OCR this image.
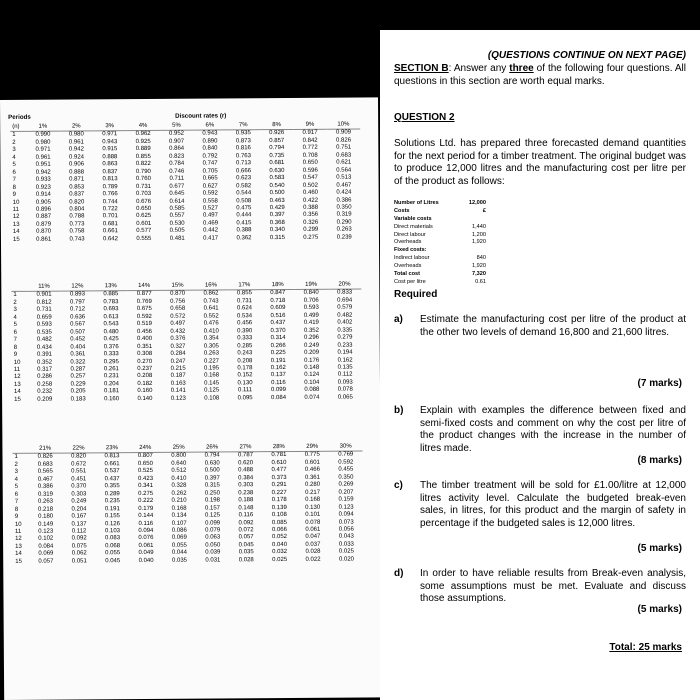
Periods	Discount rates (r)
(n)	1%	2%	3%	4%	5%	6%	7%	8%	9%	10%
1	0.990	0.980	0.971	0.962	0.952	0.943	0.935	0.926	0.917	0.909
2	0.980	0.961	0.943	0.925	0.907	0.890	0.873	0.857	0.842	0.826
3	0.971	0.942	0.915	0.889	0.864	0.840	0.816	0.794	0.772	0.751
4	0.961	0.924	0.888	0.855	0.823	0.792	0.763	0.735	0.708	0.683
5	0.951	0.906	0.863	0.822	0.784	0.747	0.713	0.681	0.650	0.621
6	0.942	0.888	0.837	0.790	0.746	0.705	0.666	0.630	0.596	0.564
7	0.933	0.871	0.813	0.760	0.711	0.665	0.623	0.583	0.547	0.513
8	0.923	0.853	0.789	0.731	0.677	0.627	0.582	0.540	0.502	0.467
9	0.914	0.837	0.766	0.703	0.645	0.592	0.544	0.500	0.460	0.424
10	0.905	0.820	0.744	0.676	0.614	0.558	0.508	0.463	0.422	0.386
11	0.896	0.804	0.722	0.650	0.585	0.527	0.475	0.429	0.388	0.350
12	0.887	0.788	0.701	0.625	0.557	0.497	0.444	0.397	0.356	0.319
13	0.879	0.773	0.681	0.601	0.530	0.469	0.415	0.368	0.326	0.290
14	0.870	0.758	0.661	0.577	0.505	0.442	0.388	0.340	0.299	0.263
15	0.861	0.743	0.642	0.555	0.481	0.417	0.362	0.315	0.275	0.239
	11%	12%	13%	14%	15%	16%	17%	18%	19%	20%
1	0.901	0.893	0.885	0.877	0.870	0.862	0.855	0.847	0.840	0.833
2	0.812	0.797	0.783	0.769	0.756	0.743	0.731	0.718	0.706	0.694
3	0.731	0.712	0.693	0.675	0.658	0.641	0.624	0.609	0.593	0.579
4	0.659	0.636	0.613	0.592	0.572	0.552	0.534	0.516	0.499	0.482
5	0.593	0.567	0.543	0.519	0.497	0.476	0.456	0.437	0.419	0.402
6	0.535	0.507	0.480	0.456	0.432	0.410	0.390	0.370	0.352	0.335
7	0.482	0.452	0.425	0.400	0.376	0.354	0.333	0.314	0.296	0.279
8	0.434	0.404	0.376	0.351	0.327	0.305	0.285	0.266	0.249	0.233
9	0.391	0.361	0.333	0.308	0.284	0.263	0.243	0.225	0.209	0.194
10	0.352	0.322	0.295	0.270	0.247	0.227	0.208	0.191	0.176	0.162
11	0.317	0.287	0.261	0.237	0.215	0.195	0.178	0.162	0.148	0.135
12	0.286	0.257	0.231	0.208	0.187	0.168	0.152	0.137	0.124	0.112
13	0.258	0.229	0.204	0.182	0.163	0.145	0.130	0.116	0.104	0.093
14	0.232	0.205	0.181	0.160	0.141	0.125	0.111	0.099	0.088	0.078
15	0.209	0.183	0.160	0.140	0.123	0.108	0.095	0.084	0.074	0.065
	21%	22%	23%	24%	25%	26%	27%	28%	29%	30%
1	0.826	0.820	0.813	0.807	0.800	0.794	0.787	0.781	0.775	0.769
2	0.683	0.672	0.661	0.650	0.640	0.630	0.620	0.610	0.601	0.592
3	0.565	0.551	0.537	0.525	0.512	0.500	0.488	0.477	0.466	0.455
4	0.467	0.451	0.437	0.423	0.410	0.397	0.384	0.373	0.361	0.350
5	0.386	0.370	0.355	0.341	0.328	0.315	0.303	0.291	0.280	0.269
6	0.319	0.303	0.289	0.275	0.262	0.250	0.238	0.227	0.217	0.207
7	0.263	0.249	0.235	0.222	0.210	0.198	0.188	0.178	0.168	0.159
8	0.218	0.204	0.191	0.179	0.168	0.157	0.148	0.139	0.130	0.123
9	0.180	0.167	0.155	0.144	0.134	0.125	0.116	0.108	0.101	0.094
10	0.149	0.137	0.126	0.116	0.107	0.099	0.092	0.085	0.078	0.073
11	0.123	0.112	0.103	0.094	0.086	0.079	0.072	0.066	0.061	0.056
12	0.102	0.092	0.083	0.076	0.069	0.063	0.057	0.052	0.047	0.043
13	0.084	0.075	0.068	0.061	0.055	0.050	0.045	0.040	0.037	0.033
14	0.069	0.062	0.055	0.049	0.044	0.039	0.035	0.032	0.028	0.025
15	0.057	0.051	0.045	0.040	0.035	0.031	0.028	0.025	0.022	0.020
(QUESTIONS CONTINUE ON NEXT PAGE)
SECTION B: Answer any three of the following four questions. All questions in this section are worth equal marks.
QUESTION 2
Solutions Ltd. has prepared three forecasted demand quantities for the next period for a timber treatment. The original budget was to produce 12,000 litres and the manufacturing cost per litre per of the product as follows:
Number of Litres	12,000
Costs	£
Variable costs
Direct materials	1,440
Direct labour	1,200
Overheads	1,920
Fixed costs:
Indirect labour	840
Overheads	1,920
Total cost	7,320
Cost per litre	0.61
Required
a) Estimate the manufacturing cost per litre of the product at the other two levels of demand 16,800 and 21,600 litres.
(7 marks)
b) Explain with examples the difference between fixed and semi-fixed costs and comment on why the cost per litre of the product changes with the increase in the number of litres made.
(8 marks)
c) The timber treatment will be sold for £1.00/litre at 12,000 litres activity level. Calculate the budgeted break-even sales, in litres, for this product and the margin of safety in percentage if the budgeted sales is 12,000 litres.
(5 marks)
d) In order to have reliable results from Break-even analysis, some assumptions must be met. Evaluate and discuss those assumptions.
(5 marks)
Total: 25 marks
